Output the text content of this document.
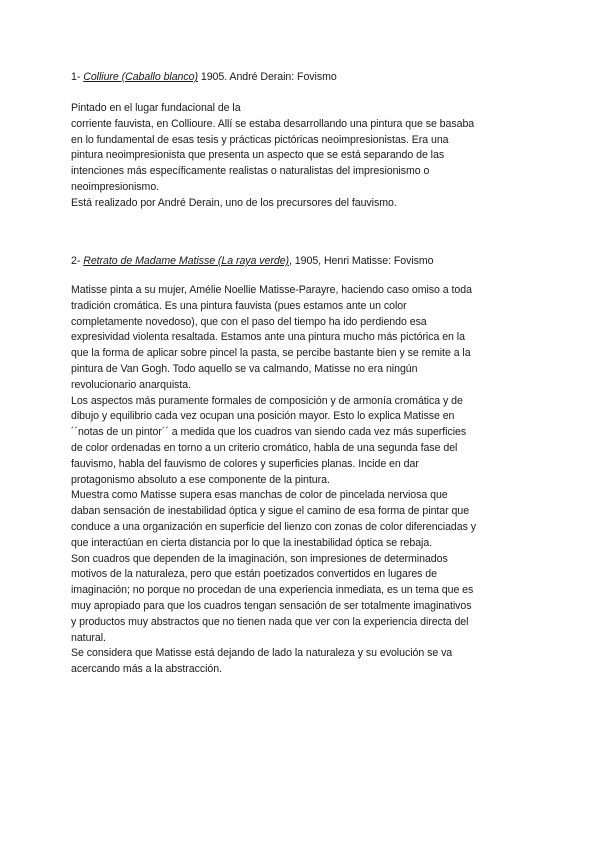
1- Colliure (Caballo blanco) 1905. André Derain: Fovismo
Pintado en el lugar fundacional de la
corriente fauvista, en Collioure. Allí se estaba desarrollando una pintura que se basaba
en lo fundamental de esas tesis y prácticas pictóricas neoimpresionistas. Era una
pintura neoimpresionista que presenta un aspecto que se está separando de las
intenciones más específicamente realistas o naturalistas del impresionismo o
neoimpresionismo.
Está realizado por André Derain, uno de los precursores del fauvismo.
2- Retrato de Madame Matisse (La raya verde), 1905, Henri Matisse: Fovismo
Matisse pinta a su mujer, Amélie Noellie Matisse-Parayre, haciendo caso omiso a toda
tradición cromática. Es una pintura fauvista (pues estamos ante un color
completamente novedoso), que con el paso del tiempo ha ido perdiendo esa
expresividad violenta resaltada. Estamos ante una pintura mucho más pictórica en la
que la forma de aplicar sobre pincel la pasta, se percibe bastante bien y se remite a la
pintura de Van Gogh. Todo aquello se va calmando, Matisse no era ningún
revolucionario anarquista.
Los aspectos más puramente formales de composición y de armonía cromática y de
dibujo y equilibrio cada vez ocupan una posición mayor. Esto lo explica Matisse en
´´notas de un pintor´´ a medida que los cuadros van siendo cada vez más superficies
de color ordenadas en torno a un criterio cromático, habla de una segunda fase del
fauvismo, habla del fauvismo de colores y superficies planas. Incide en dar
protagonismo absoluto a ese componente de la pintura.
Muestra como Matisse supera esas manchas de color de pincelada nerviosa que
daban sensación de inestabilidad óptica y sigue el camino de esa forma de pintar que
conduce a una organización en superficie del lienzo con zonas de color diferenciadas y
que interactúan en cierta distancia por lo que la inestabilidad óptica se rebaja.
Son cuadros que dependen de la imaginación, son impresiones de determinados
motivos de la naturaleza, pero que están poetizados convertidos en lugares de
imaginación; no porque no procedan de una experiencia inmediata, es un tema que es
muy apropiado para que los cuadros tengan sensación de ser totalmente imaginativos
y productos muy abstractos que no tienen nada que ver con la experiencia directa del
natural.
Se considera que Matisse está dejando de lado la naturaleza y su evolución se va
acercando más a la abstracción.
